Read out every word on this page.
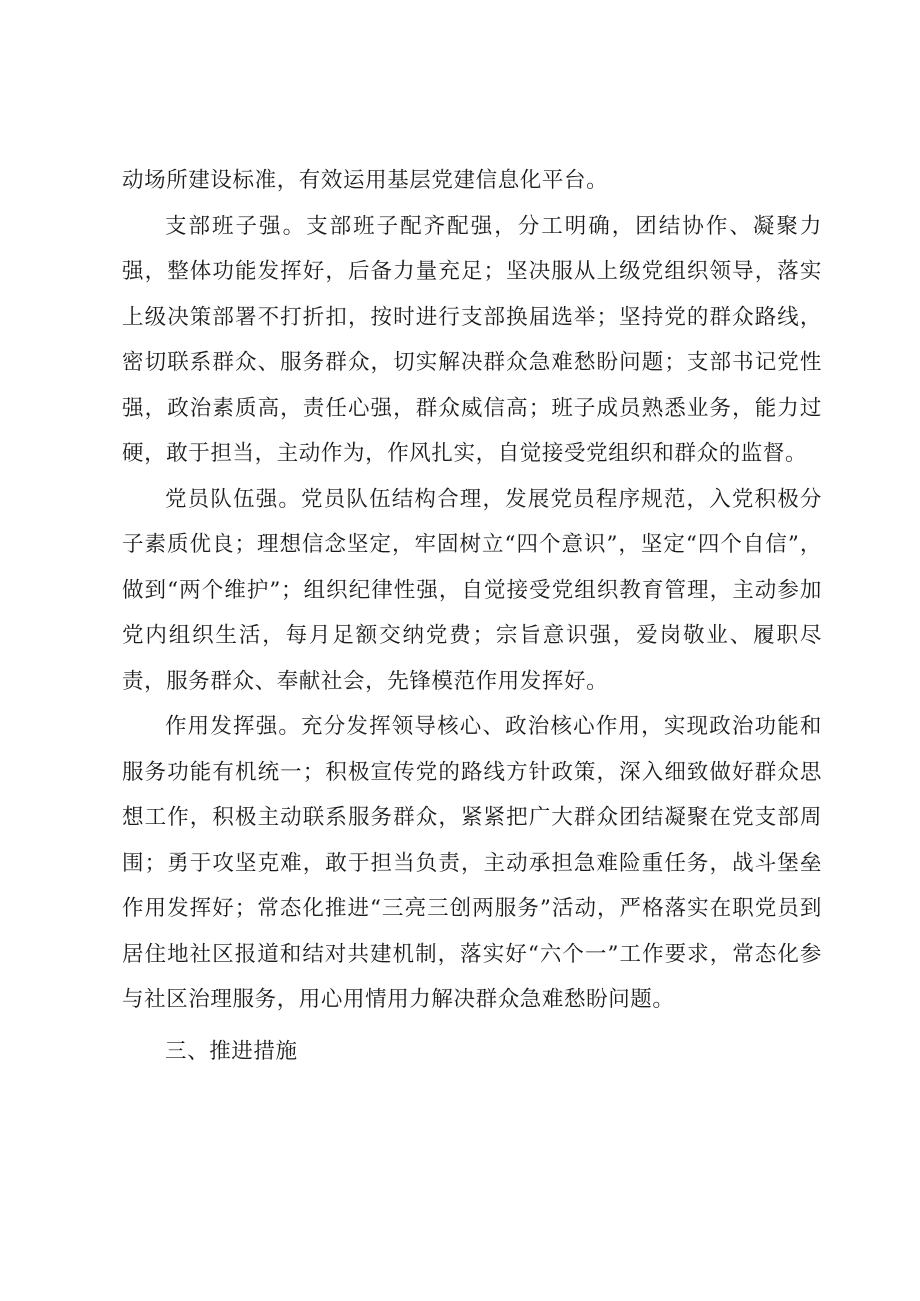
动场所建设标准，有效运用基层党建信息化平台。

支部班子强。支部班子配齐配强，分工明确，团结协作、凝聚力强，整体功能发挥好，后备力量充足；坚决服从上级党组织领导，落实上级决策部署不打折扣，按时进行支部换届选举；坚持党的群众路线，密切联系群众、服务群众，切实解决群众急难愁盼问题；支部书记党性强，政治素质高，责任心强，群众威信高；班子成员熟悉业务，能力过硬，敢于担当，主动作为，作风扎实，自觉接受党组织和群众的监督。

党员队伍强。党员队伍结构合理，发展党员程序规范，入党积极分子素质优良；理想信念坚定，牢固树立“四个意识”，坚定“四个自信”，做到“两个维护”；组织纪律性强，自觉接受党组织教育管理，主动参加党内组织生活，每月足额交纳党费；宗旨意识强，爱岗敬业、履职尽责，服务群众、奉献社会，先锋模范作用发挥好。

作用发挥强。充分发挥领导核心、政治核心作用，实现政治功能和服务功能有机统一；积极宣传党的路线方针政策，深入细致做好群众思想工作，积极主动联系服务群众，紧紧把广大群众团结凝聚在党支部周围；勇于攻坚克难，敢于担当负责，主动承担急难险重任务，战斗堡垒作用发挥好；常态化推进“三亮三创两服务”活动，严格落实在职党员到居住地社区报道和结对共建机制，落实好“六个一”工作要求，常态化参与社区治理服务，用心用情用力解决群众急难愁盼问题。

三、推进措施
